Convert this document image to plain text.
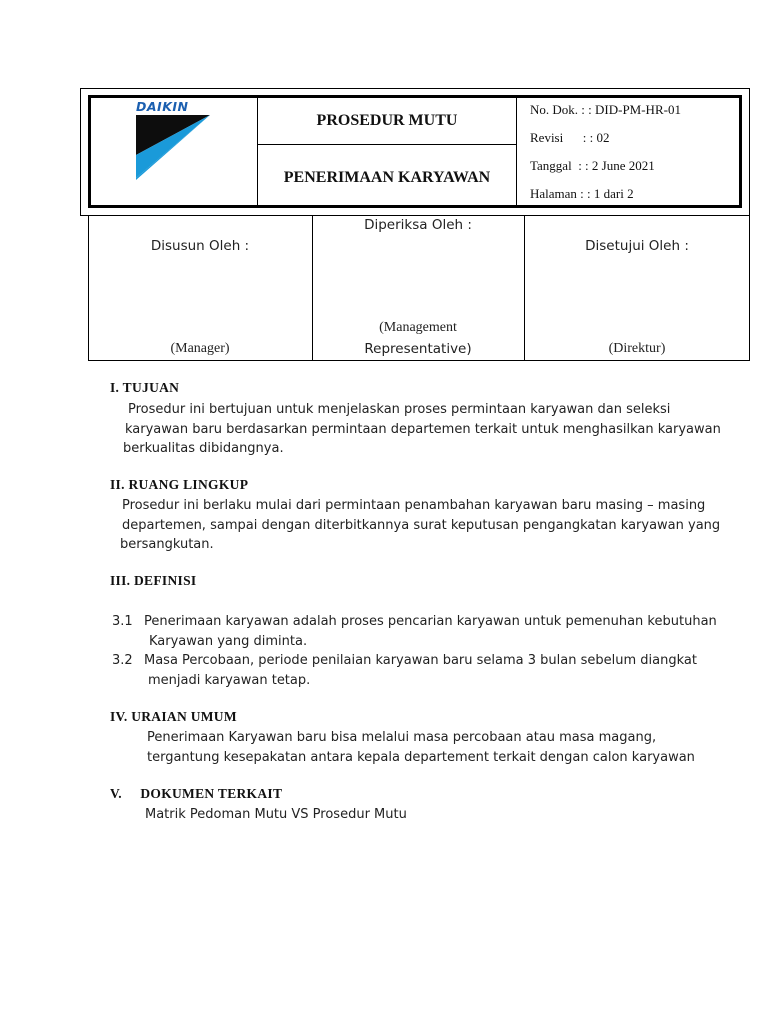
DAIKIN
PROSEDUR MUTU
PENERIMAAN KARYAWAN
No. Dok. : : DID-PM-HR-01
Revisi : : 02
Tanggal : : 2 June 2021
Halaman : : 1 dari 2
Disusun Oleh :
(Manager)
Diperiksa Oleh :
(Management
Representative)
Disetujui Oleh :
(Direktur)
I. TUJUAN
Prosedur ini bertujuan untuk menjelaskan proses permintaan karyawan dan seleksi
karyawan baru berdasarkan permintaan departemen terkait untuk menghasilkan karyawan
berkualitas dibidangnya.
II. RUANG LINGKUP
Prosedur ini berlaku mulai dari permintaan penambahan karyawan baru masing – masing
departemen, sampai dengan diterbitkannya surat keputusan pengangkatan karyawan yang
bersangkutan.
III. DEFINISI
3.1 Penerimaan karyawan adalah proses pencarian karyawan untuk pemenuhan kebutuhan
Karyawan yang diminta.
3.2 Masa Percobaan, periode penilaian karyawan baru selama 3 bulan sebelum diangkat
menjadi karyawan tetap.
IV. URAIAN UMUM
Penerimaan Karyawan baru bisa melalui masa percobaan atau masa magang,
tergantung kesepakatan antara kepala departement terkait dengan calon karyawan
V.     DOKUMEN TERKAIT
Matrik Pedoman Mutu VS Prosedur Mutu
